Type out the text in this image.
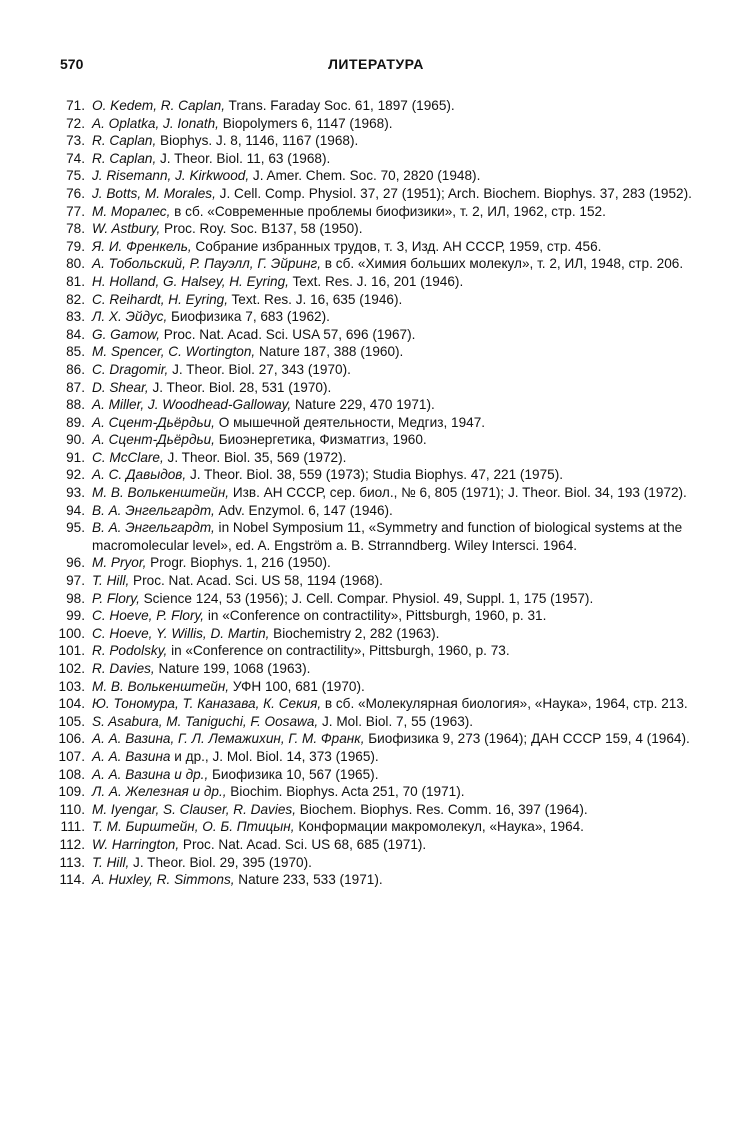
570	ЛИТЕРАТУРА

71. O. Kedem, R. Caplan, Trans. Faraday Soc. 61, 1897 (1965).

72. A. Oplatka, J. Ionath, Biopolymers 6, 1147 (1968).

73. R. Caplan, Biophys. J. 8, 1146, 1167 (1968).

74. R. Caplan, J. Theor. Biol. 11, 63 (1968).

75. J. Risemann, J. Kirkwood, J. Amer. Chem. Soc. 70, 2820 (1948).

76. J. Botts, M. Morales, J. Cell. Comp. Physiol. 37, 27 (1951); Arch. Biochem. Biophys. 37, 283 (1952).

77. М. Моралес, в сб. «Современные проблемы биофизики», т. 2, ИЛ, 1962, стр. 152.

78. W. Astbury, Proc. Roy. Soc. B137, 58 (1950).

79. Я. И. Френкель, Собрание избранных трудов, т. 3, Изд. АН СССР, 1959, стр. 456.

80. А. Тобольский, Р. Пауэлл, Г. Эйринг, в сб. «Химия больших молекул», т. 2, ИЛ, 1948, стр. 206.

81. H. Holland, G. Halsey, H. Eyring, Text. Res. J. 16, 201 (1946).

82. C. Reihardt, H. Eyring, Text. Res. J. 16, 635 (1946).

83. Л. Х. Эйдус, Биофизика 7, 683 (1962).

84. G. Gamow, Proc. Nat. Acad. Sci. USA 57, 696 (1967).

85. M. Spencer, C. Wortington, Nature 187, 388 (1960).

86. C. Dragomir, J. Theor. Biol. 27, 343 (1970).

87. D. Shear, J. Theor. Biol. 28, 531 (1970).

88. A. Miller, J. Woodhead-Galloway, Nature 229, 470 1971).

89. А. Сцент-Дьёрдьи, О мышечной деятельности, Медгиз, 1947.

90. А. Сцент-Дьёрдьи, Биоэнергетика, Физматгиз, 1960.

91. C. McClare, J. Theor. Biol. 35, 569 (1972).

92. А. С. Давыдов, J. Theor. Biol. 38, 559 (1973); Studia Biophys. 47, 221 (1975).

93. М. В. Волькенштейн, Изв. АН СССР, сер. биол., № 6, 805 (1971); J. Theor. Biol. 34, 193 (1972).

94. В. А. Энгельгардт, Adv. Enzymol. 6, 147 (1946).

95. В. А. Энгельгардт, in Nobel Symposium 11, «Symmetry and function of biological systems at the macromolecular level», ed. A. Engström a. B. Strranndberg. Wiley Intersci. 1964.

96. M. Pryor, Progr. Biophys. 1, 216 (1950).

97. T. Hill, Proc. Nat. Acad. Sci. US 58, 1194 (1968).

98. P. Flory, Science 124, 53 (1956); J. Cell. Compar. Physiol. 49, Suppl. 1, 175 (1957).

99. C. Hoeve, P. Flory, in «Conference on contractility», Pittsburgh, 1960, p. 31.

100. C. Hoeve, Y. Willis, D. Martin, Biochemistry 2, 282 (1963).

101. R. Podolsky, in «Conference on contractility», Pittsburgh, 1960, p. 73.

102. R. Davies, Nature 199, 1068 (1963).

103. М. В. Волькенштейн, УФН 100, 681 (1970).

104. Ю. Тономура, Т. Каназава, К. Секия, в сб. «Молекулярная биология», «Наука», 1964, стр. 213.

105. S. Asabura, M. Taniguchi, F. Oosawa, J. Mol. Biol. 7, 55 (1963).

106. А. А. Вазина, Г. Л. Лемажихин, Г. М. Франк, Биофизика 9, 273 (1964); ДАН СССР 159, 4 (1964).

107. А. А. Вазина и др., J. Mol. Biol. 14, 373 (1965).

108. А. А. Вазина и др., Биофизика 10, 567 (1965).

109. Л. А. Железная и др., Biochim. Biophys. Acta 251, 70 (1971).

110. M. Iyengar, S. Clauser, R. Davies, Biochem. Biophys. Res. Comm. 16, 397 (1964).

111. Т. М. Бирштейн, О. Б. Птицын, Конформации макромолекул, «Наука», 1964.

112. W. Harrington, Proc. Nat. Acad. Sci. US 68, 685 (1971).

113. T. Hill, J. Theor. Biol. 29, 395 (1970).

114. A. Huxley, R. Simmons, Nature 233, 533 (1971).
